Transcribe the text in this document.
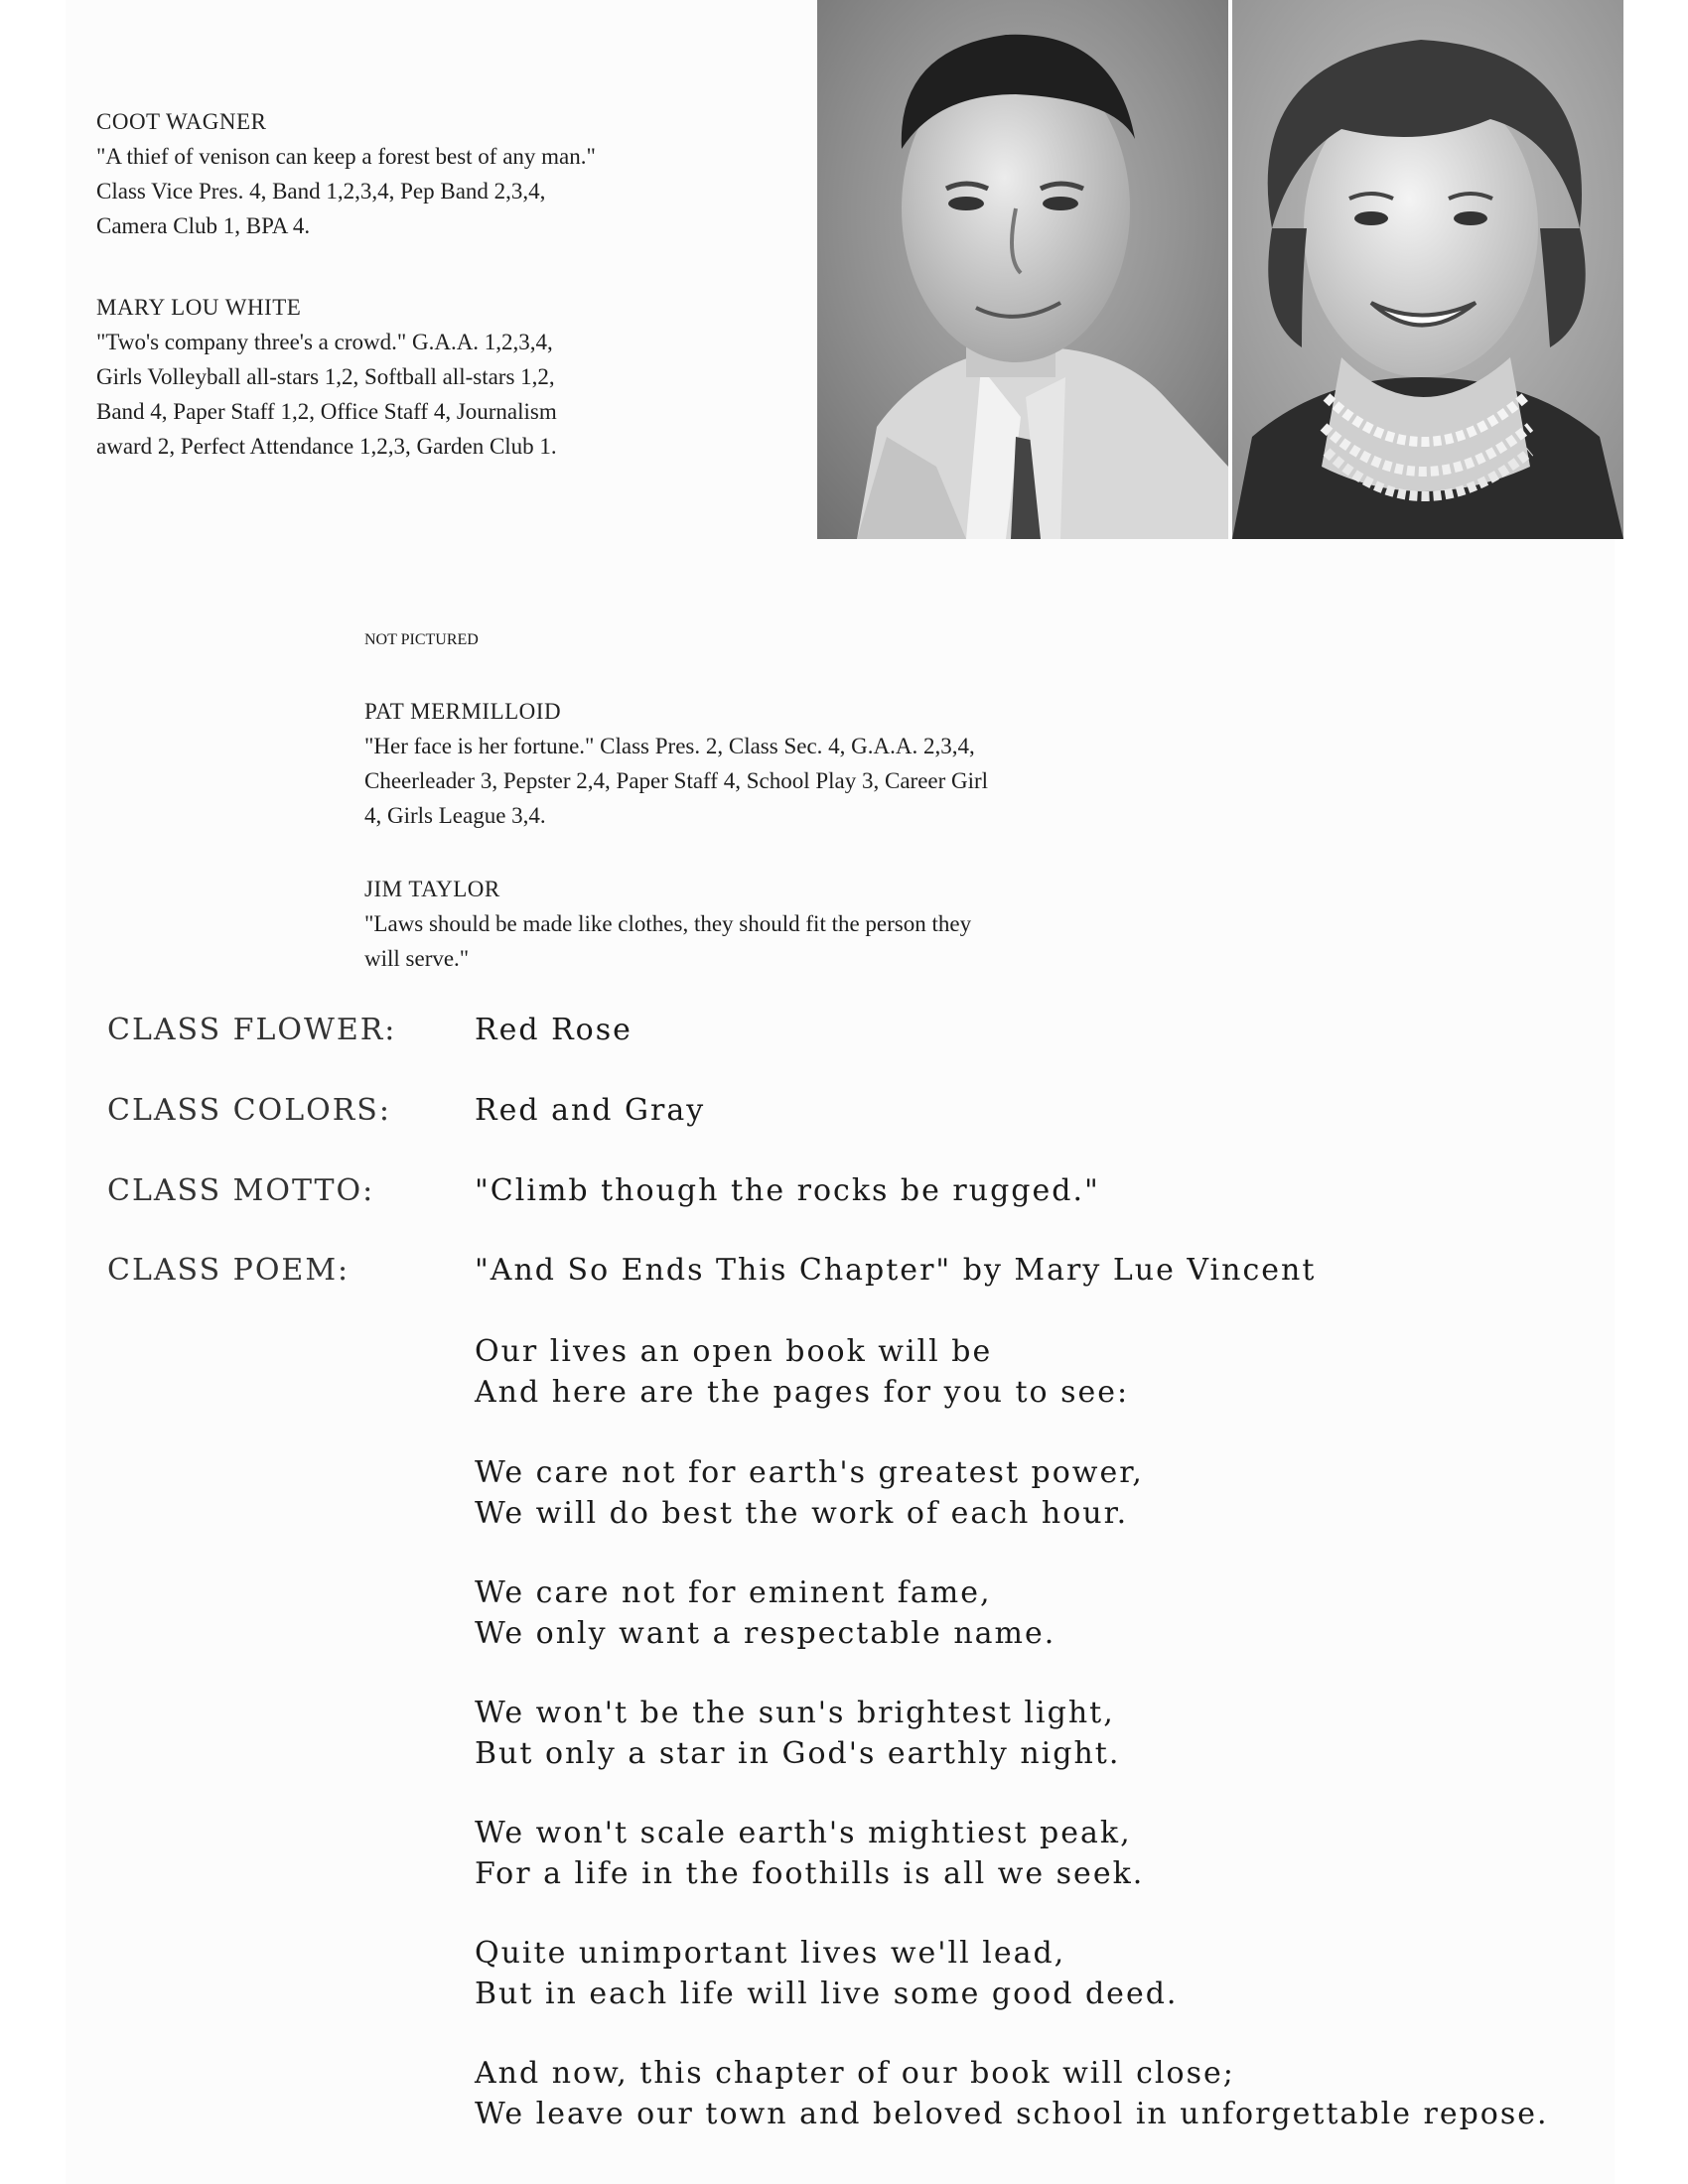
COOT WAGNER
"A thief of venison can keep a forest best of any man."
Class Vice Pres. 4, Band 1,2,3,4, Pep Band 2,3,4,
Camera Club 1, BPA 4.
MARY LOU WHITE
"Two's company three's a crowd." G.A.A. 1,2,3,4,
Girls Volleyball all-stars 1,2, Softball all-stars 1,2,
Band 4, Paper Staff 1,2, Office Staff 4, Journalism
award 2, Perfect Attendance 1,2,3, Garden Club 1.
NOT PICTURED
PAT MERMILLOID
"Her face is her fortune." Class Pres. 2, Class Sec. 4, G.A.A. 2,3,4,
Cheerleader 3, Pepster 2,4, Paper Staff 4, School Play 3, Career Girl
4, Girls League 3,4.
JIM TAYLOR
"Laws should be made like clothes, they should fit the person they
will serve."
CLASS FLOWER:	Red Rose
CLASS COLORS:	Red and Gray
CLASS MOTTO:	"Climb though the rocks be rugged."
CLASS POEM:	"And So Ends This Chapter" by Mary Lue Vincent
Our lives an open book will be
And here are the pages for you to see:
We care not for earth's greatest power,
We will do best the work of each hour.
We care not for eminent fame,
We only want a respectable name.
We won't be the sun's brightest light,
But only a star in God's earthly night.
We won't scale earth's mightiest peak,
For a life in the foothills is all we seek.
Quite unimportant lives we'll lead,
But in each life will live some good deed.
And now, this chapter of our book will close;
We leave our town and beloved school in unforgettable repose.
